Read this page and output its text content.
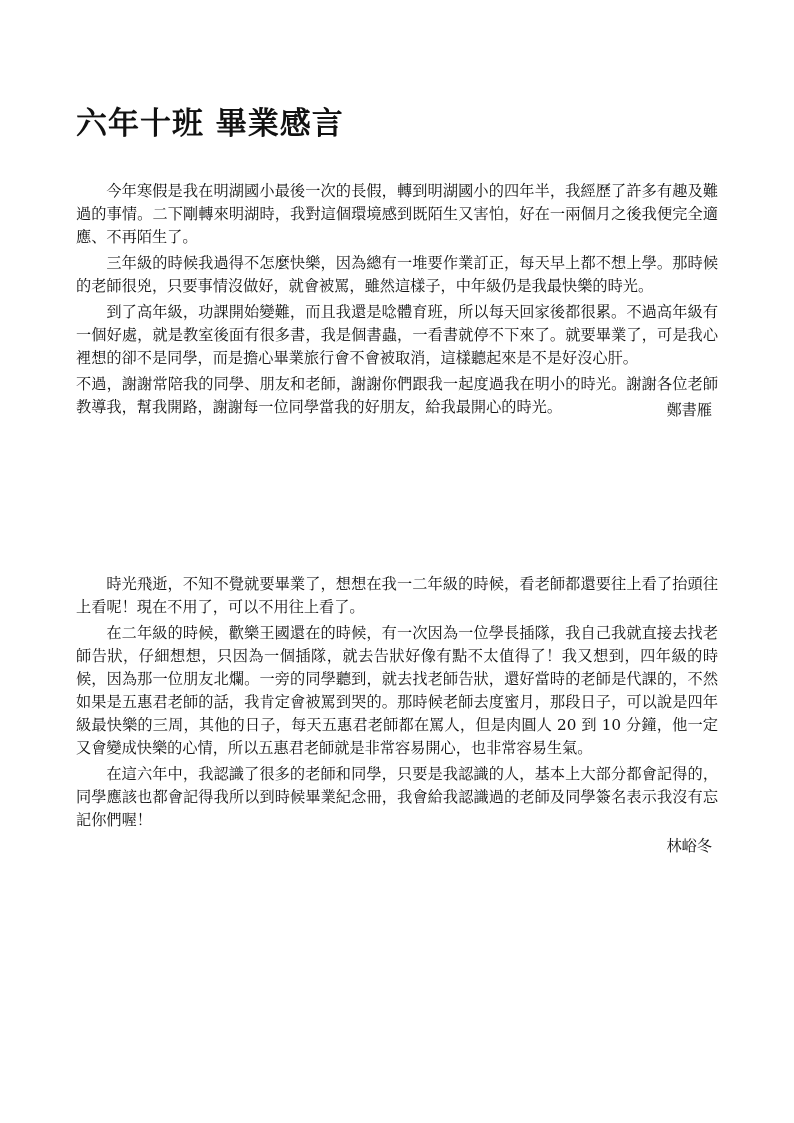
六年十班 畢業感言

今年寒假是我在明湖國小最後一次的長假，轉到明湖國小的四年半，我經歷了許多有趣及難過的事情。二下剛轉來明湖時，我對這個環境感到既陌生又害怕，好在一兩個月之後我便完全適應、不再陌生了。

三年級的時候我過得不怎麼快樂，因為總有一堆要作業訂正，每天早上都不想上學。那時候的老師很兇，只要事情沒做好，就會被罵，雖然這樣子，中年級仍是我最快樂的時光。

到了高年級，功課開始變難，而且我還是唸體育班，所以每天回家後都很累。不過高年級有一個好處，就是教室後面有很多書，我是個書蟲，一看書就停不下來了。就要畢業了，可是我心裡想的卻不是同學，而是擔心畢業旅行會不會被取消，這樣聽起來是不是好沒心肝。

不過，謝謝常陪我的同學、朋友和老師，謝謝你們跟我一起度過我在明小的時光。謝謝各位老師教導我，幫我開路，謝謝每一位同學當我的好朋友，給我最開心的時光。	鄭書雁

時光飛逝，不知不覺就要畢業了，想想在我一二年級的時候，看老師都還要往上看了抬頭往上看呢！現在不用了，可以不用往上看了。

在二年級的時候，歡樂王國還在的時候，有一次因為一位學長插隊，我自己我就直接去找老師告狀，仔細想想，只因為一個插隊，就去告狀好像有點不太值得了！我又想到，四年級的時候，因為那一位朋友北爛。一旁的同學聽到，就去找老師告狀，還好當時的老師是代課的，不然如果是五惠君老師的話，我肯定會被罵到哭的。那時候老師去度蜜月，那段日子，可以說是四年級最快樂的三周，其他的日子，每天五惠君老師都在罵人，但是肉圓人 20 到 10 分鐘，他一定又會變成快樂的心情，所以五惠君老師就是非常容易開心，也非常容易生氣。

在這六年中，我認識了很多的老師和同學，只要是我認識的人，基本上大部分都會記得的，同學應該也都會記得我所以到時候畢業紀念冊，我會給我認識過的老師及同學簽名表示我沒有忘記你們喔！

林峪冬
